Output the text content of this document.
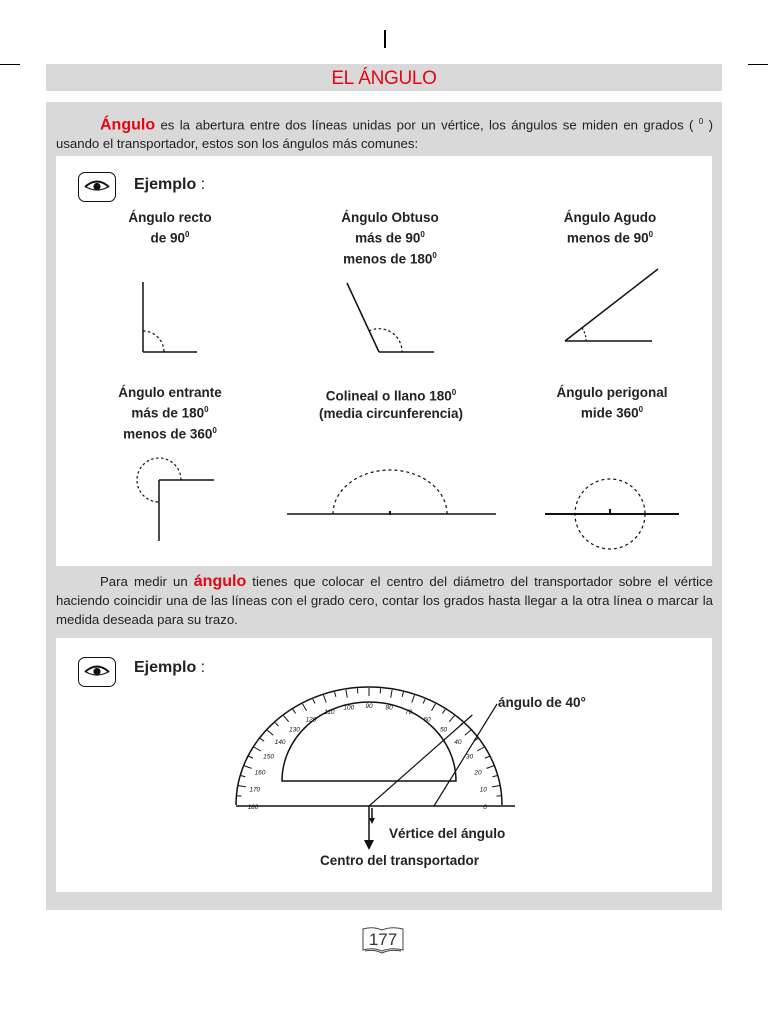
EL ÁNGULO
Ángulo es la abertura entre dos líneas unidas por un vértice, los ángulos se miden en grados ( $^0$ ) usando el transportador, estos son los ángulos más comunes:
Ejemplo :
Ángulo recto
de $90^0$
Ángulo Obtuso
más de $90^0$
menos de $180^0$
Ángulo Agudo
menos de $90^0$
Ángulo entrante
más de $180^0$
menos de $360^0$
Colineal o llano $180^0$
(media circunferencia)
Ángulo perigonal
mide $360^0$
Para medir un ángulo tienes que colocar el centro del diámetro del transportador sobre el vértice haciendo coincidir una de las líneas con el grado cero, contar los grados hasta llegar a la otra línea o marcar la medida deseada para su trazo.
Ejemplo :
0
10
20
30
40
50
60
70
80
90
100
110
120
130
140
150
160
170
180
ángulo de 40°
Vértice del ángulo
Centro del transportador
177
